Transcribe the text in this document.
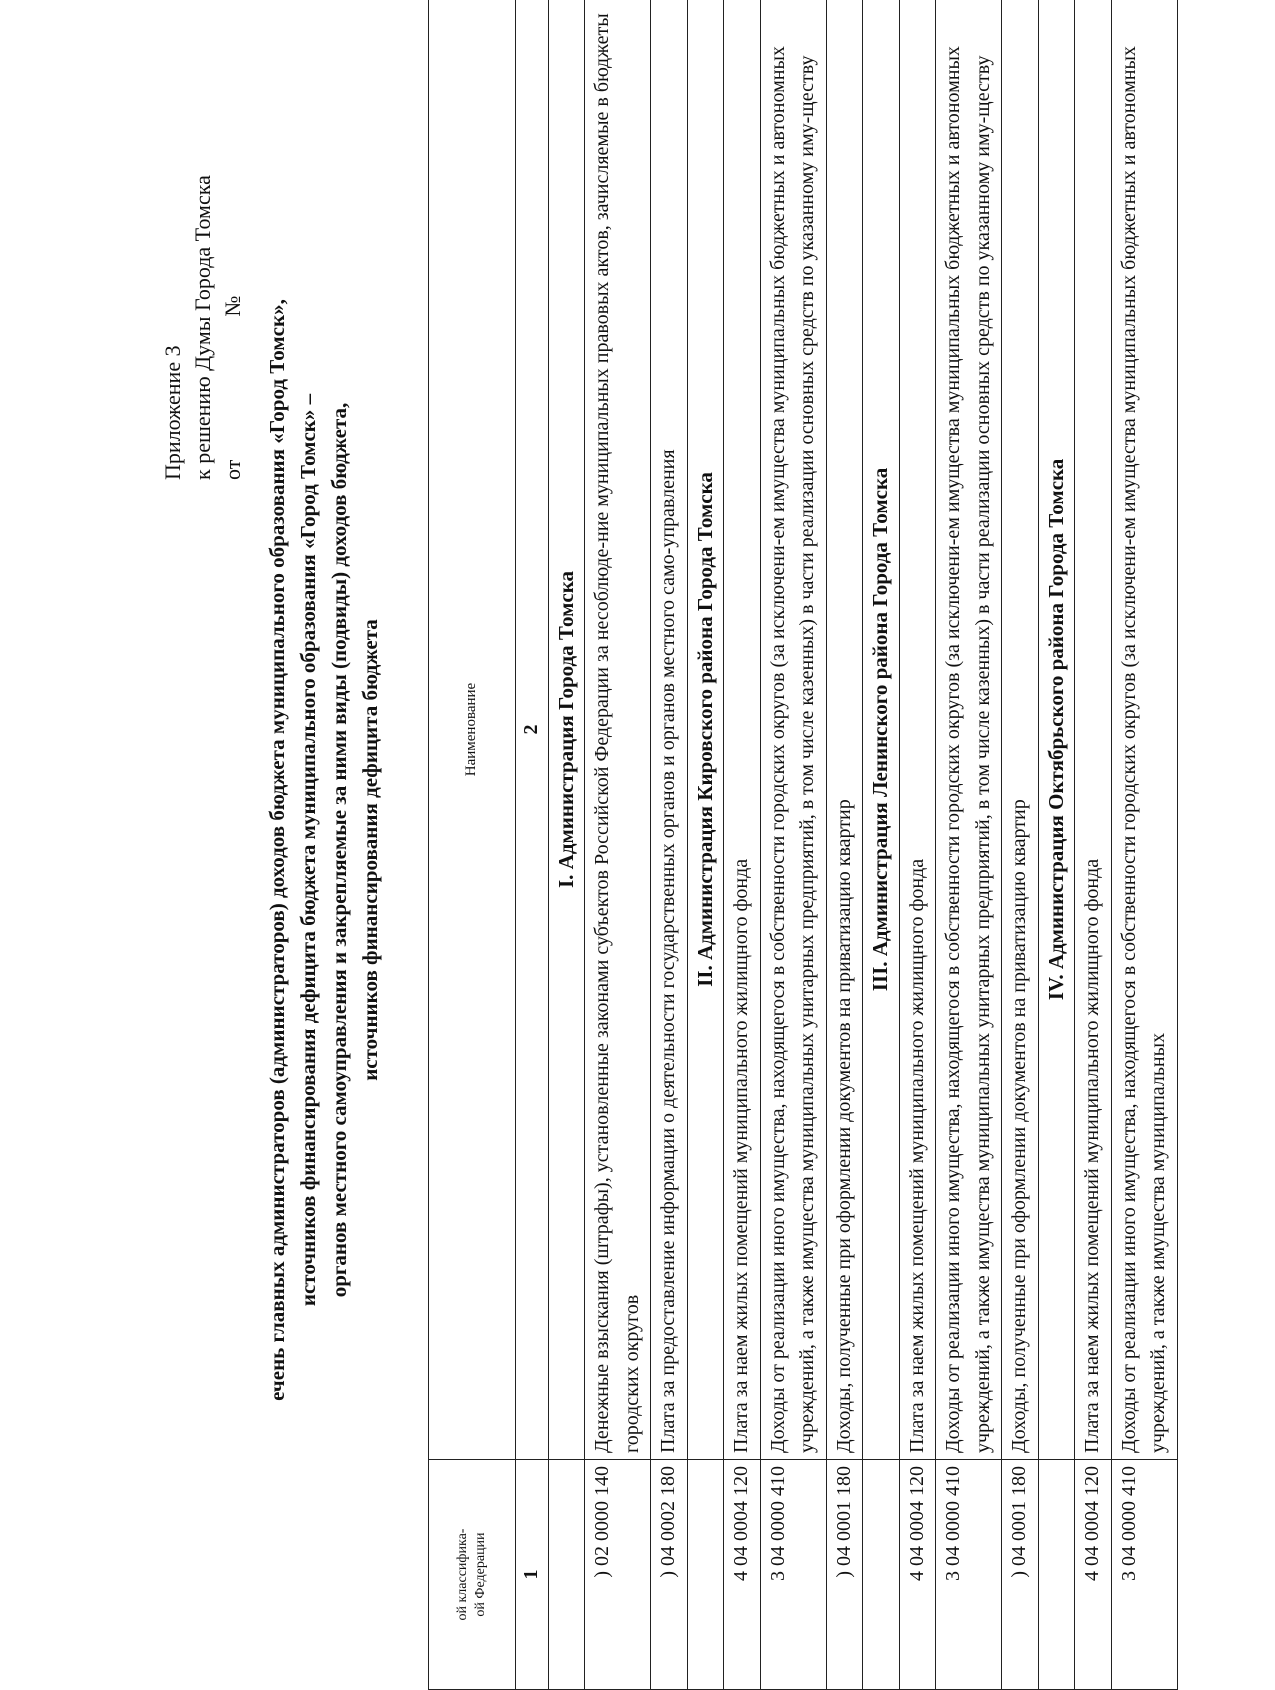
Приложение 3 к решению Думы Города Томска от                          № ечень главных администраторов (администраторов) доходов бюджета муниципального образования «Город Томск», источников финансирования дефицита бюджета муниципального образования «Город Томск» – органов местного самоуправления и закрепляемые за ними виды (подвиды) доходов бюджета, источников финансирования дефицита бюджета
ой классифика-
ой Федерации	Наименование
1	2
	I. Администрация Города Томска
) 02 0000 140	Денежные взыскания (штрафы), установленные законами субъектов Российской Федерации за несоблюде-ние муниципальных правовых актов, зачисляемые в бюджеты городских округов
) 04 0002 180	Плата за предоставление информации о деятельности государственных органов и органов местного само-управления
	II. Администрация Кировского района Города Томска
4 04 0004 120	Плата за наем жилых помещений муниципального жилищного фонда
3 04 0000 410	Доходы от реализации иного имущества, находящегося в собственности городских округов (за исключени-ем имущества муниципальных бюджетных и автономных учреждений, а также имущества муниципальных унитарных предприятий, в том числе казенных) в части реализации основных средств по указанному иму-ществу
) 04 0001 180	Доходы, полученные при оформлении документов на приватизацию квартир
	III. Администрация Ленинского района Города Томска
4 04 0004 120	Плата за наем жилых помещений муниципального жилищного фонда
3 04 0000 410	Доходы от реализации иного имущества, находящегося в собственности городских округов (за исключени-ем имущества муниципальных бюджетных и автономных учреждений, а также имущества муниципальных унитарных предприятий, в том числе казенных) в части реализации основных средств по указанному иму-ществу
) 04 0001 180	Доходы, полученные при оформлении документов на приватизацию квартир
	IV. Администрация Октябрьского района Города Томска
4 04 0004 120	Плата за наем жилых помещений муниципального жилищного фонда
3 04 0000 410	Доходы от реализации иного имущества, находящегося в собственности городских округов (за исключени-ем имущества муниципальных бюджетных и автономных учреждений, а также имущества муниципальных
